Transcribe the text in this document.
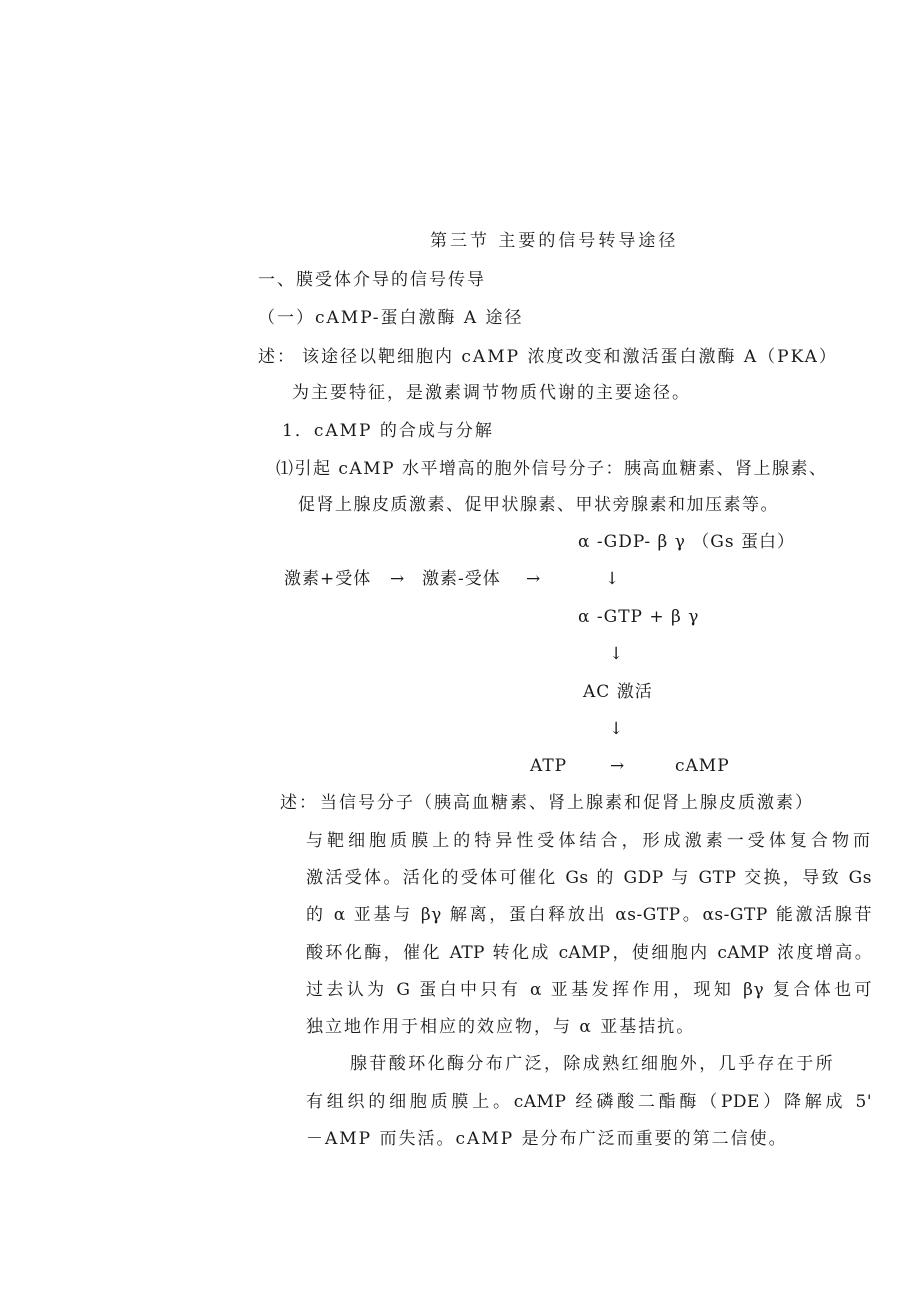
第三节 主要的信号转导途径
一、膜受体介导的信号传导
（一）cAMP-蛋白激酶 A 途径
述： 该途径以靶细胞内 cAMP 浓度改变和激活蛋白激酶 A（PKA）
为主要特征，是激素调节物质代谢的主要途径。
1．cAMP 的合成与分解
⑴引起 cAMP 水平增高的胞外信号分子：胰高血糖素、肾上腺素、
促肾上腺皮质激素、促甲状腺素、甲状旁腺素和加压素等。
α -GDP- β γ （Gs 蛋白）
激素+受体 → 激素-受体 →	↓
α -GTP + β γ
↓
AC 激活
↓
ATP	→	cAMP
述： 当信号分子（胰高血糖素、肾上腺素和促肾上腺皮质激素）
与靶细胞质膜上的特异性受体结合，形成激素一受体复合物而
激活受体。活化的受体可催化 Gs 的 GDP 与 GTP 交换，导致 Gs
的 α 亚基与 βγ 解离，蛋白释放出 αs-GTP。αs-GTP 能激活腺苷
酸环化酶，催化 ATP 转化成 cAMP，使细胞内 cAMP 浓度增高。
过去认为 G 蛋白中只有 α 亚基发挥作用，现知 βγ 复合体也可
独立地作用于相应的效应物，与 α 亚基拮抗。
腺苷酸环化酶分布广泛，除成熟红细胞外，几乎存在于所
有组织的细胞质膜上。cAMP 经磷酸二酯酶（PDE）降解成 5'
－AMP 而失活。cAMP 是分布广泛而重要的第二信使。
